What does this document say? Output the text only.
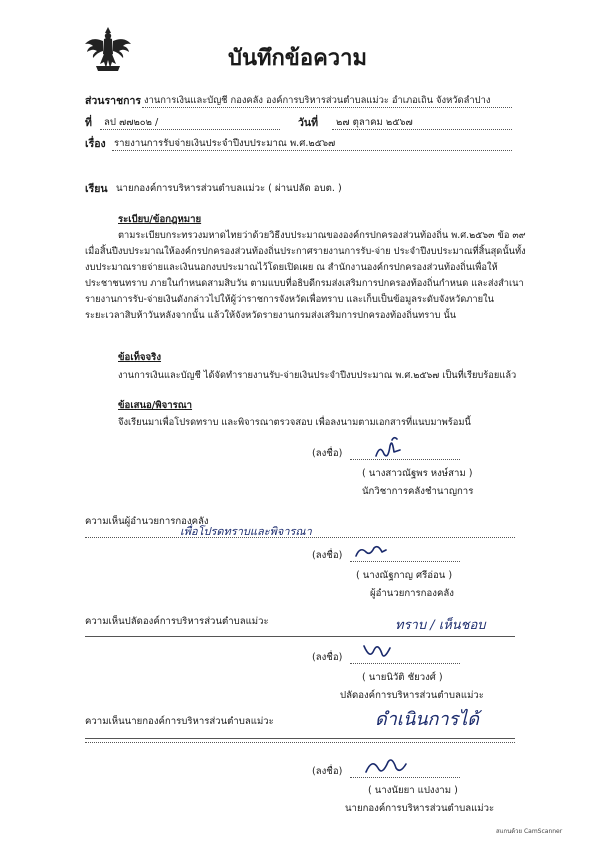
บันทึกข้อความ
ส่วนราชการ งานการเงินและบัญชี กองคลัง องค์การบริหารส่วนตำบลแม่วะ อำเภอเถิน จังหวัดลำปาง
ที่ ลป ๗๗๒๐๒ /	วันที่ ๒๗ ตุลาคม ๒๕๖๗
เรื่อง รายงานการรับจ่ายเงินประจำปีงบประมาณ พ.ศ.๒๕๖๗
เรียน นายกองค์การบริหารส่วนตำบลแม่วะ ( ผ่านปลัด อบต. )
ระเบียบ/ข้อกฎหมาย
ตามระเบียบกระทรวงมหาดไทยว่าด้วยวิธีงบประมาณขององค์กรปกครองส่วนท้องถิ่น พ.ศ.๒๕๖๓ ข้อ ๓๙
เมื่อสิ้นปีงบประมาณให้องค์กรปกครองส่วนท้องถิ่นประกาศรายงานการรับ-จ่าย ประจำปีงบประมาณที่สิ้นสุดนั้นทั้ง
งบประมาณรายจ่ายและเงินนอกงบประมาณไว้โดยเปิดเผย ณ สำนักงานองค์กรปกครองส่วนท้องถิ่นเพื่อให้
ประชาชนทราบ ภายในกำหนดสามสิบวัน ตามแบบที่อธิบดีกรมส่งเสริมการปกครองท้องถิ่นกำหนด และส่งสำเนา
รายงานการรับ-จ่ายเงินดังกล่าวไปให้ผู้ว่าราชการจังหวัดเพื่อทราบ และเก็บเป็นข้อมูลระดับจังหวัดภายใน
ระยะเวลาสิบห้าวันหลังจากนั้น แล้วให้จังหวัดรายงานกรมส่งเสริมการปกครองท้องถิ่นทราบ นั้น
ข้อเท็จจริง
งานการเงินและบัญชี ได้จัดทำรายงานรับ-จ่ายเงินประจำปีงบประมาณ พ.ศ.๒๕๖๗ เป็นที่เรียบร้อยแล้ว
ข้อเสนอ/พิจารณา
จึงเรียนมาเพื่อโปรดทราบ และพิจารณาตรวจสอบ เพื่อลงนามตามเอกสารที่แนบมาพร้อมนี้
(ลงชื่อ)
( นางสาวณัฐพร หงษ์สาม )
นักวิชาการคลังชำนาญการ
ความเห็นผู้อำนวยการกองคลัง
เพื่อโปรดทราบและพิจารณา
(ลงชื่อ)
( นางณัฐกาญ ศรีอ่อน )
ผู้อำนวยการกองคลัง
ความเห็นปลัดองค์การบริหารส่วนตำบลแม่วะ	ทราบ / เห็นชอบ
(ลงชื่อ)
( นายนิวัติ ชัยวงศ์ )
ปลัดองค์การบริหารส่วนตำบลแม่วะ
ความเห็นนายกองค์การบริหารส่วนตำบลแม่วะ	ดำเนินการได้
(ลงชื่อ)
( นางนัยยา แปงงาม )
นายกองค์การบริหารส่วนตำบลแม่วะ
สแกนด้วย CamScanner
